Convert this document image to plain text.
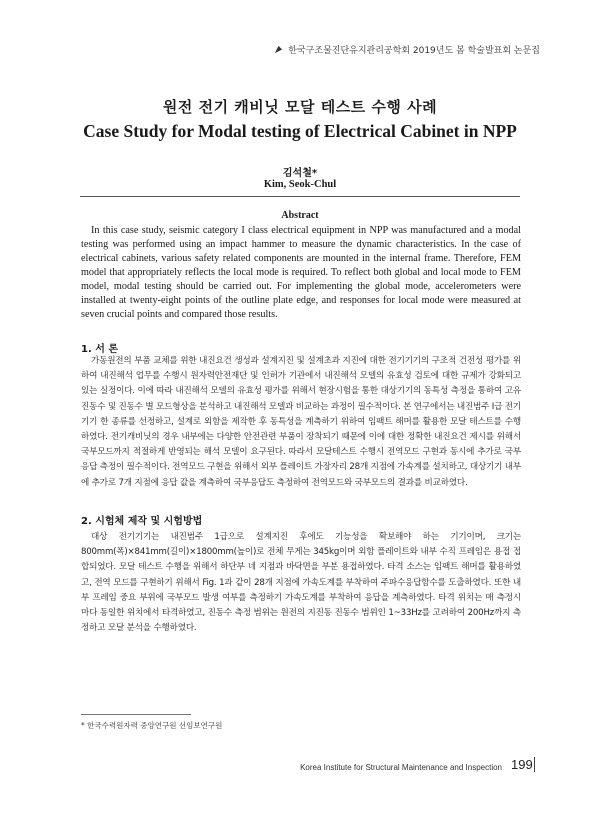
한국구조물진단유지관리공학회 2019년도 봄 학술발표회 논문집
원전 전기 캐비닛 모달 테스트 수행 사례
Case Study for Modal testing of Electrical Cabinet in NPP
김석철*
Kim, Seok-Chul
Abstract

In this case study, seismic category I class electrical equipment in NPP was manufactured and a modal testing was performed using an impact hammer to measure the dynamic characteristics. In the case of electrical cabinets, various safety related components are mounted in the internal frame. Therefore, FEM model that appropriately reflects the local mode is required. To reflect both global and local mode to FEM model, modal testing should be carried out. For implementing the global mode, accelerometers were installed at twenty-eight points of the outline plate edge, and responses for local mode were measured at seven crucial points and compared those results.

1. 서 론

가동원전의 부품 교체를 위한 내진요건 생성과 설계지진 및 설계초과 지진에 대한 전기기기의 구조적 건전성 평가를 위하여 내진해석 업무를 수행시 원자력안전재단 및 인허가 기관에서 내진해석 모델의 유효성 검토에 대한 규제가 강화되고 있는 실정이다. 이에 따라 내진해석 모델의 유효성 평가를 위해서 현장시험을 통한 대상기기의 동특성 측정을 통하여 고유진동수 및 진동수 별 모드형상을 분석하고 내진해석 모델과 비교하는 과정이 필수적이다. 본 연구에서는 내진범주 I급 전기기기 한 종류를 선정하고, 설계로 외함을 제작한 후 동특성을 계측하기 위하여 임팩트 해머를 활용한 모달 테스트를 수행하였다. 전기캐비닛의 경우 내부에는 다양한 안전관련 부품이 장착되기 때문에 이에 대한 정확한 내진요건 제시를 위해서 국부모드까지 적절하게 반영되는 해석 모델이 요구된다. 따라서 모달테스트 수행시 전역모드 구현과 동시에 추가로 국부응답 측정이 필수적이다. 전역모드 구현을 위해서 외부 플레이트 가장자리 28개 지점에 가속계를 설치하고, 대상기기 내부에 추가로 7개 지점에 응답 값을 계측하여 국부응답도 측정하여 전역모드와 국부모드의 결과를 비교하였다.

2. 시험체 제작 및 시험방법

대상 전기기기는 내진범주 1급으로 설계지진 후에도 기능성을 확보해야 하는 기기이며, 크기는 800mm(폭)×841mm(길이)×1800mm(높이)로 전체 무게는 345kg이며 외함 플레이트와 내부 수직 프레임은 용접 접합되었다. 모달 테스트 수행을 위해서 하단부 네 지점과 바닥면을 부분 용접하였다. 타격 소스는 임팩트 해머를 활용하였고, 전역 모드를 구현하기 위해서 Fig. 1과 같이 28개 지점에 가속도계를 부착하여 주파수응답함수를 도출하였다. 또한 내부 프레임 중요 부위에 국부모드 발생 여부를 측정하기 가속도계를 부착하여 응답을 계측하였다. 타격 위치는 매 측정시 마다 동일한 위치에서 타격하였고, 진동수 측정 범위는 원전의 지진동 진동수 범위인 1~33Hz를 고려하여 200Hz까지 측정하고 모달 분석을 수행하였다.

* 한국수력원자력 중앙연구원 선임보연구원
Korea Institute for Structural Maintenance and Inspection 199
